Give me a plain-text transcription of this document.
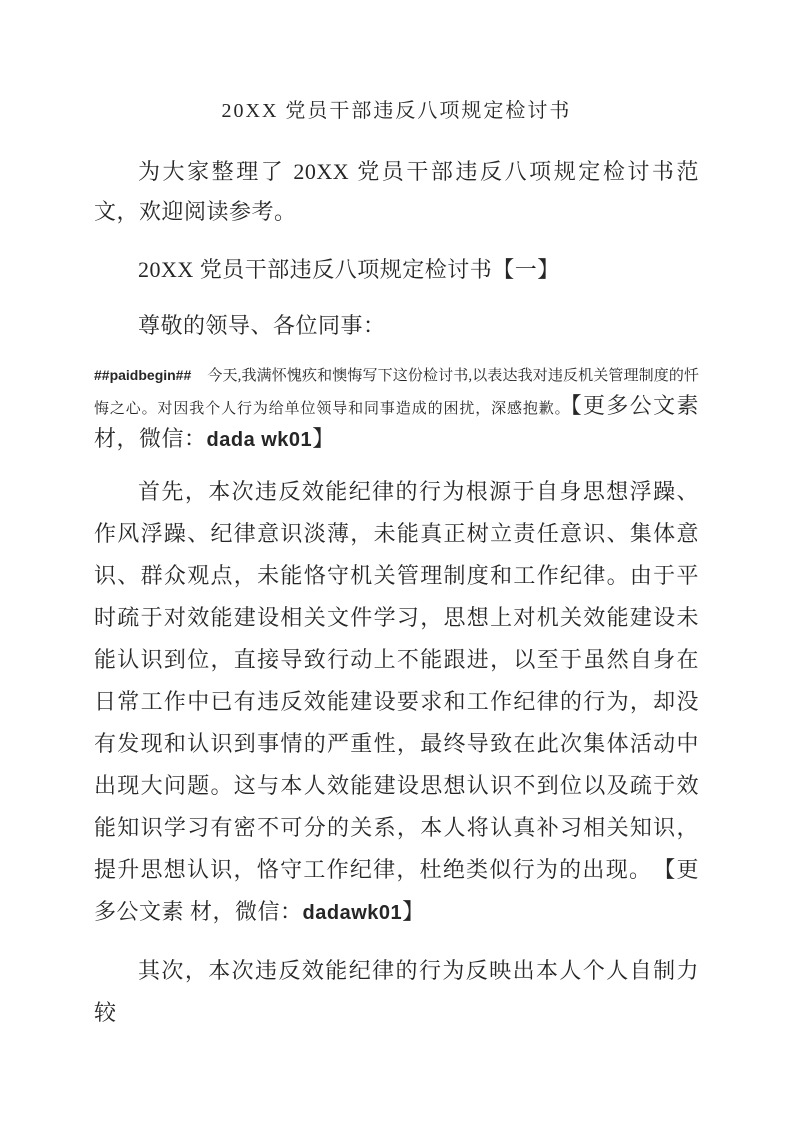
20XX 党员干部违反八项规定检讨书

为大家整理了 20XX 党员干部违反八项规定检讨书范文，欢迎阅读参考。

20XX 党员干部违反八项规定检讨书【一】

尊敬的领导、各位同事：

##paidbegin## 今天,我满怀愧疚和懊悔写下这份检讨书,以表达我对违反机关管理制度的忏悔之心。对因我个人行为给单位领导和同事造成的困扰，深感抱歉。【更多公文素材，微信：dada wk01】

首先，本次违反效能纪律的行为根源于自身思想浮躁、作风浮躁、纪律意识淡薄，未能真正树立责任意识、集体意识、群众观点，未能恪守机关管理制度和工作纪律。由于平时疏于对效能建设相关文件学习，思想上对机关效能建设未能认识到位，直接导致行动上不能跟进，以至于虽然自身在日常工作中已有违反效能建设要求和工作纪律的行为，却没有发现和认识到事情的严重性，最终导致在此次集体活动中出现大问题。这与本人效能建设思想认识不到位以及疏于效能知识学习有密不可分的关系，本人将认真补习相关知识，提升思想认识，恪守工作纪律，杜绝类似行为的出现。 【更多公文素 材，微信：dadawk01】

其次，本次违反效能纪律的行为反映出本人个人自制力较
